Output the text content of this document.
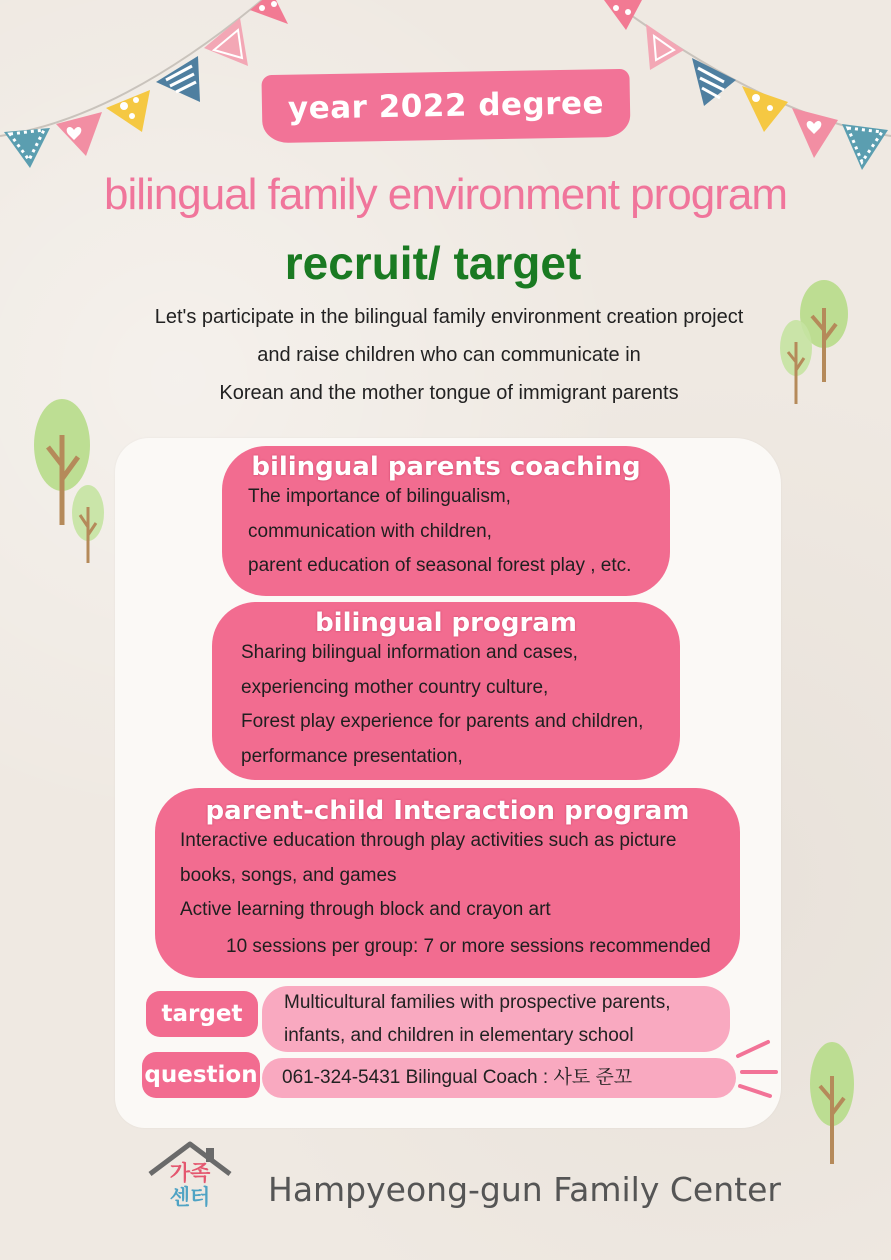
year 2022 degree
bilingual family environment program
recruit/ target
Let's participate in the bilingual family environment creation project
and raise children who can communicate in
Korean and the mother tongue of immigrant parents
bilingual parents coaching
The importance of bilingualism,
communication with children,
parent education of seasonal forest play , etc.
bilingual program
Sharing bilingual information and cases,
experiencing mother country culture,
Forest play experience for parents and children,
performance presentation,
parent-child Interaction program
Interactive education through play activities such as picture
books, songs, and games
Active learning through block and crayon art
10 sessions per group: 7 or more sessions recommended
target	Multicultural families with prospective parents,
infants, and children in elementary school
question	061-324-5431 Bilingual Coach : 사토 준꼬
가족
센터 Hampyeong-gun Family Center
